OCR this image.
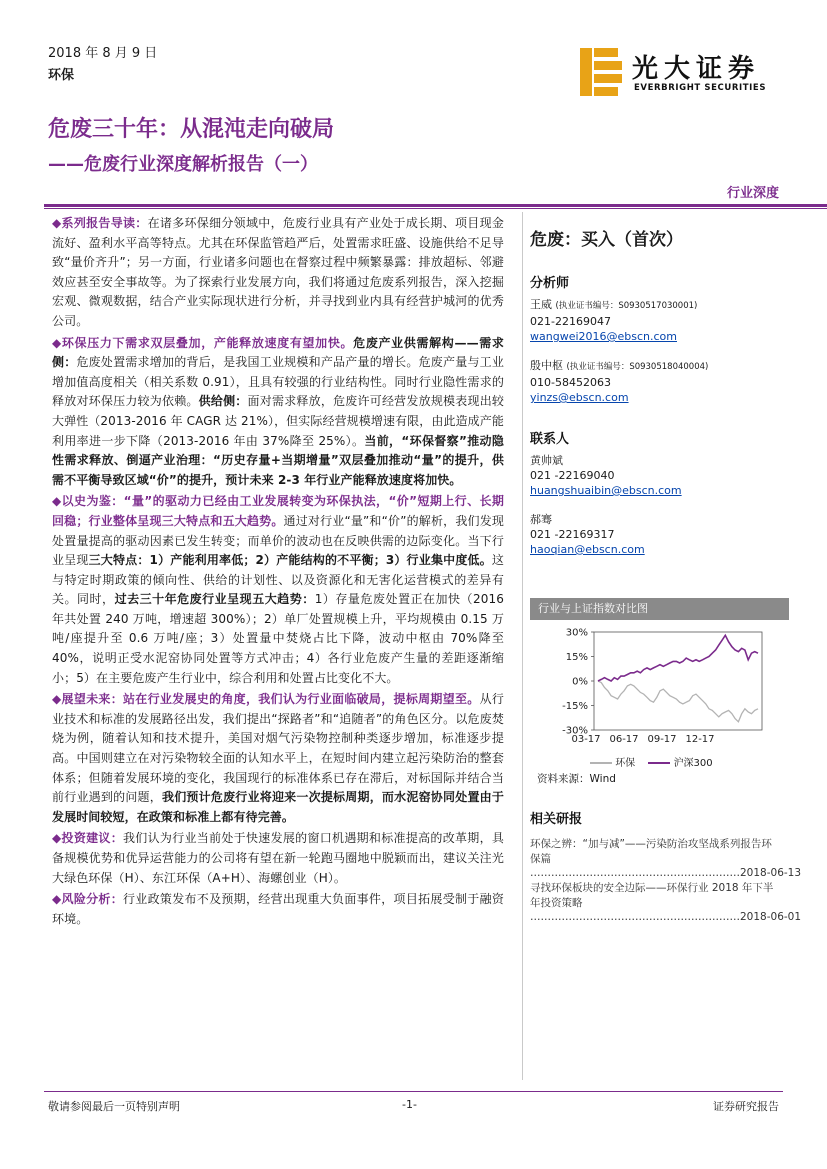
2018 年 8 月 9 日
环保	光大证券
EVERBRIGHT SECURITIES
危废三十年：从混沌走向破局
——危废行业深度解析报告（一）
行业深度

◆系列报告导读：在诸多环保细分领域中，危废行业具有产业处于成长期、项目现金流好、盈利水平高等特点。尤其在环保监管趋严后，处置需求旺盛、设施供给不足导致“量价齐升”；另一方面，行业诸多问题也在督察过程中频繁暴露：排放超标、邻避效应甚至安全事故等。为了探索行业发展方向，我们将通过危废系列报告，深入挖掘宏观、微观数据，结合产业实际现状进行分析，并寻找到业内具有经营护城河的优秀公司。

◆环保压力下需求双层叠加，产能释放速度有望加快。危废产业供需解构——需求侧：危废处置需求增加的背后，是我国工业规模和产品产量的增长。危废产量与工业增加值高度相关（相关系数 0.91），且具有较强的行业结构性。同时行业隐性需求的释放对环保压力较为依赖。供给侧：面对需求释放，危废许可经营发放规模表现出较大弹性（2013-2016 年 CAGR 达 21%），但实际经营规模增速有限，由此造成产能利用率进一步下降（2013-2016 年由 37%降至 25%）。当前，“环保督察”推动隐性需求释放、倒逼产业治理：“历史存量+当期增量”双层叠加推动“量”的提升，供需不平衡导致区域“价”的提升，预计未来 2-3 年行业产能释放速度将加快。

◆以史为鉴：“量”的驱动力已经由工业发展转变为环保执法，“价”短期上行、长期回稳；行业整体呈现三大特点和五大趋势。通过对行业“量”和“价”的解析，我们发现处置量提高的驱动因素已发生转变；而单价的波动也在反映供需的边际变化。当下行业呈现三大特点：1）产能利用率低；2）产能结构的不平衡；3）行业集中度低。这与特定时期政策的倾向性、供给的计划性、以及资源化和无害化运营模式的差异有关。同时，过去三十年危废行业呈现五大趋势：1）存量危废处置正在加快（2016 年共处置 240 万吨，增速超 300%）；2）单厂处置规模上升，平均规模由 0.15 万吨/座提升至 0.6 万吨/座；3）处置量中焚烧占比下降，波动中枢由 70%降至 40%，说明正受水泥窑协同处置等方式冲击；4）各行业危废产生量的差距逐渐缩小；5）在主要危废产生行业中，综合利用和处置占比变化不大。

◆展望未来：站在行业发展史的角度，我们认为行业面临破局，提标周期望至。从行业技术和标准的发展路径出发，我们提出“探路者”和“追随者”的角色区分。以危废焚烧为例，随着认知和技术提升，美国对烟气污染物控制种类逐步增加，标准逐步提高。中国则建立在对污染物较全面的认知水平上，在短时间内建立起污染防治的整套体系；但随着发展环境的变化，我国现行的标准体系已存在滞后，对标国际并结合当前行业遇到的问题，我们预计危废行业将迎来一次提标周期，而水泥窑协同处置由于发展时间较短，在政策和标准上都有待完善。

◆投资建议：我们认为行业当前处于快速发展的窗口机遇期和标准提高的改革期，具备规模优势和优异运营能力的公司将有望在新一轮跑马圈地中脱颖而出，建议关注光大绿色环保（H）、东江环保（A+H）、海螺创业（H）。

◆风险分析：行业政策发布不及预期，经营出现重大负面事件，项目拓展受制于融资环境。

危废：买入（首次）
分析师
王威 (执业证书编号：S0930517030001)
021-22169047
wangwei2016@ebscn.com
殷中枢 (执业证书编号：S0930518040004)
010-58452063
yinzs@ebscn.com
联系人
黄帅斌
021 -22169040
huangshuaibin@ebscn.com
郝骞
021 -22169317
haoqian@ebscn.com
行业与上证指数对比图
30%
15%
0%
-15%
-30%
03-17 06-17 09-17 12-17
环保	沪深300
资料来源：Wind
相关研报
环保之辨：“加与减”——污染防治攻坚战系列报告环保篇
…………………………………………………… 2018-06-13
寻找环保板块的安全边际——环保行业 2018 年下半年投资策略
…………………………………………………… 2018-06-01
敬请参阅最后一页特别声明	-1-	证券研究报告
